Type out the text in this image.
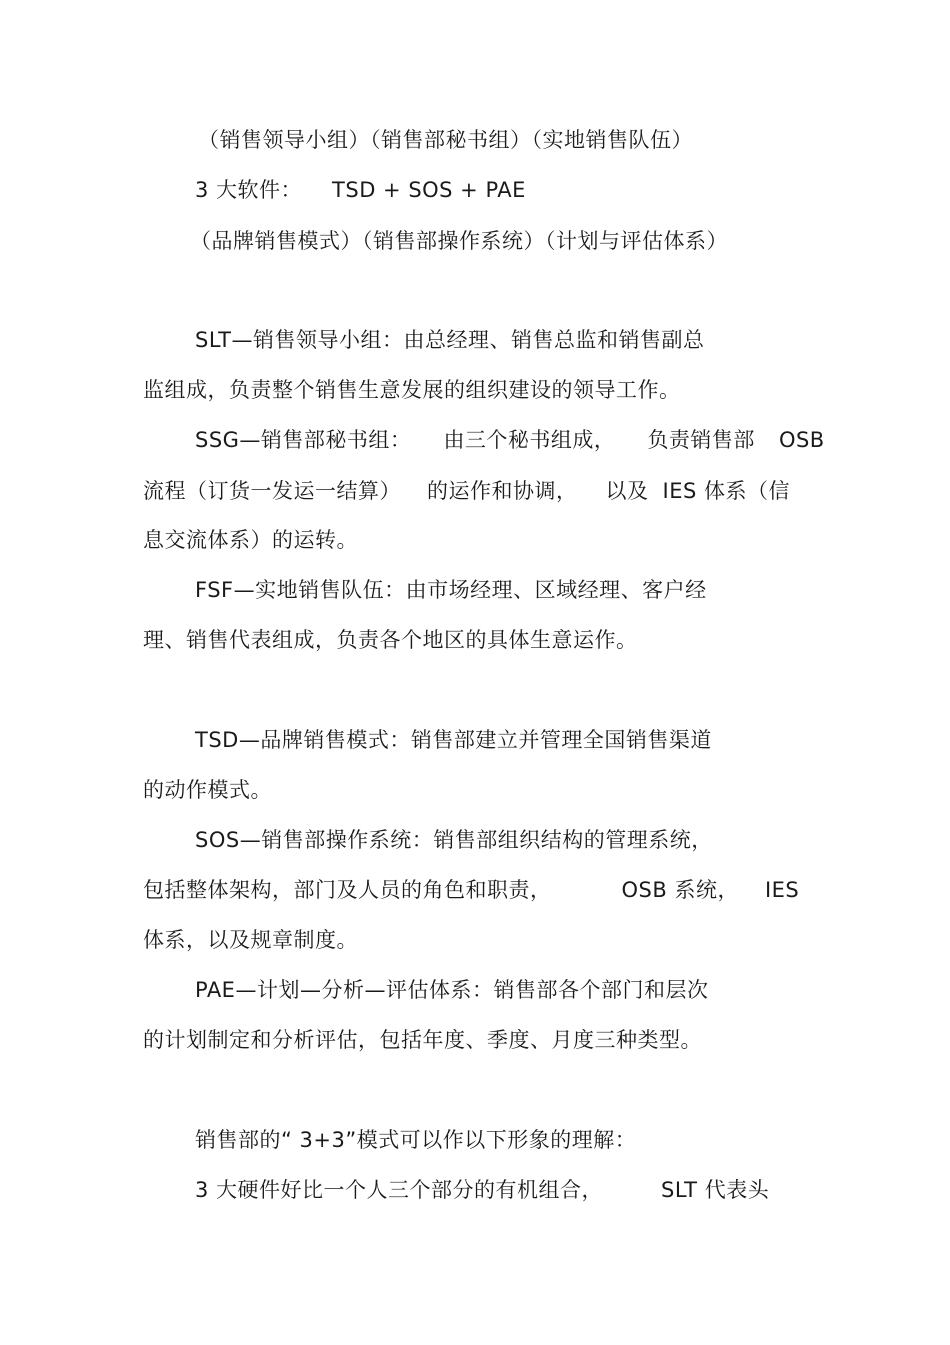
（销售领导小组）（销售部秘书组）（实地销售队伍）
3 大软件： TSD + SOS + PAE
（品牌销售模式）（销售部操作系统）（计划与评估体系）
SLT—销售领导小组：由总经理、销售总监和销售副总
监组成，负责整个销售生意发展的组织建设的领导工作。
SSG—销售部秘书组： 由三个秘书组成， 负责销售部 OSB
流程（订货一发运一结算） 的运作和协调， 以及 IES 体系（信
息交流体系）的运转。
FSF—实地销售队伍：由市场经理、区域经理、客户经
理、销售代表组成，负责各个地区的具体生意运作。
TSD—品牌销售模式：销售部建立并管理全国销售渠道
的动作模式。
SOS—销售部操作系统：销售部组织结构的管理系统，
包括整体架构，部门及人员的角色和职责，	OSB 系统， IES
体系，以及规章制度。
PAE—计划—分析—评估体系：销售部各个部门和层次
的计划制定和分析评估，包括年度、季度、月度三种类型。
销售部的“ 3+3”模式可以作以下形象的理解：
3 大硬件好比一个人三个部分的有机组合，	SLT 代表头
